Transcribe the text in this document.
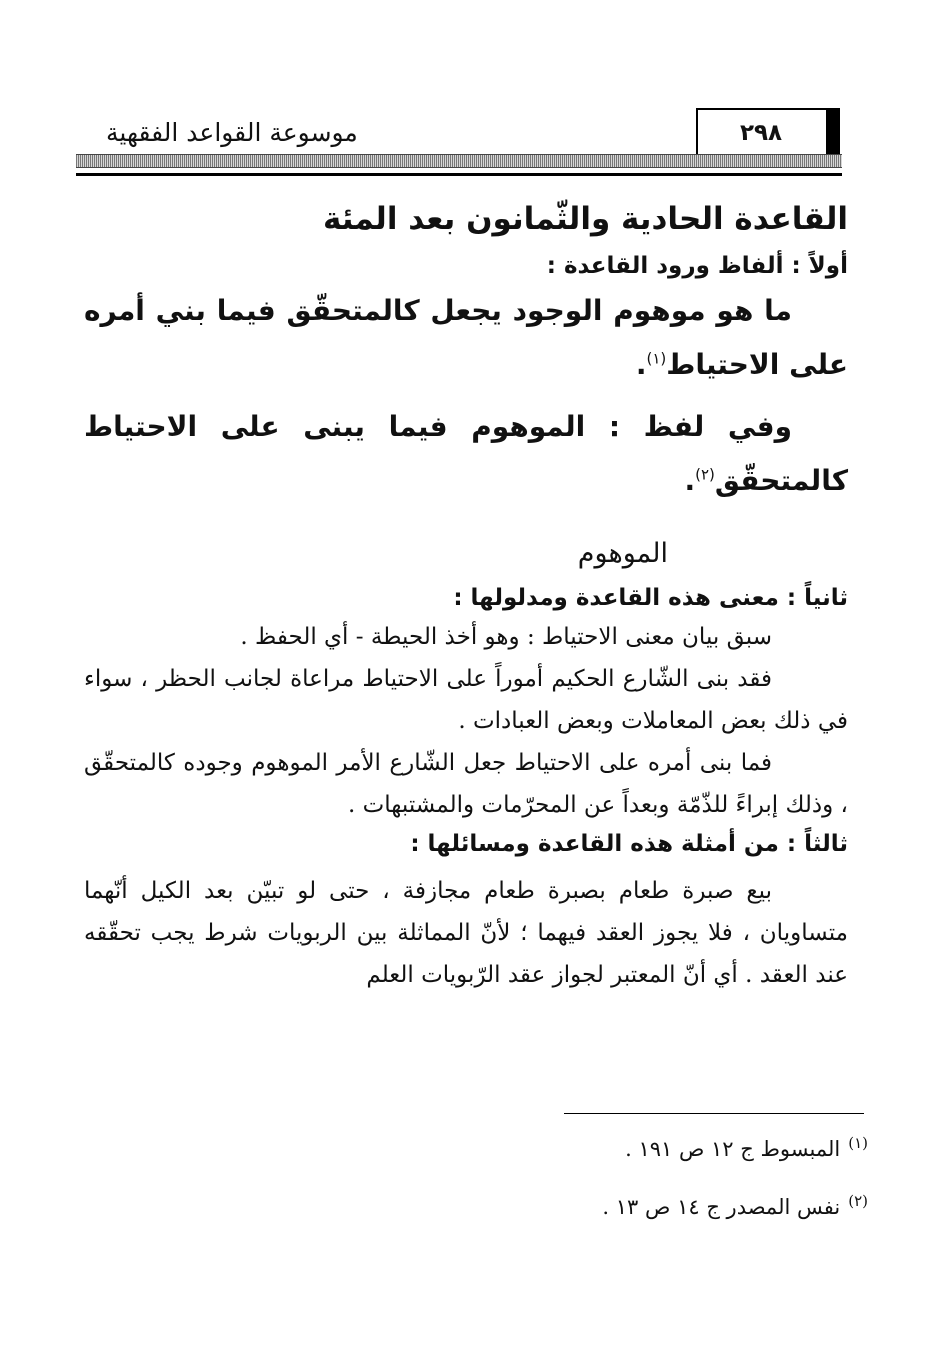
موسوعة القواعد الفقهية	٢٩٨
القاعدة الحادية والثّمانون بعد المئة
أولاً : ألفاظ ورود القاعدة :

ما هو موهوم الوجود يجعل كالمتحقّق فيما بني أمره على الاحتياط$^{(١)}$.

وفي لفظ : الموهوم فيما يبنى على الاحتياط كالمتحقّق$^{(٢)}$.

الموهوم
ثانياً : معنى هذه القاعدة ومدلولها :

سبق بيان معنى الاحتياط : وهو أخذ الحيطة - أي الحفظ .

فقد بنى الشّارع الحكيم أموراً على الاحتياط مراعاة لجانب الحظر ، سواء في ذلك بعض المعاملات وبعض العبادات .

فما بنى أمره على الاحتياط جعل الشّارع الأمر الموهوم وجوده كالمتحقّق ، وذلك إبراءً للذّمّة وبعداً عن المحرّمات والمشتبهات .

ثالثاً : من أمثلة هذه القاعدة ومسائلها :

بيع صبرة طعام بصبرة طعام مجازفة ، حتى لو تبيّن بعد الكيل أنّهما متساويان ، فلا يجوز العقد فيهما ؛ لأنّ المماثلة بين الربويات شرط يجب تحقّقه عند العقد . أي أنّ المعتبر لجواز عقد الرّبويات العلم

$^{(١)}$المبسوط ج ١٢ ص ١٩١ .
$^{(٢)}$نفس المصدر ج ١٤ ص ١٣ .
